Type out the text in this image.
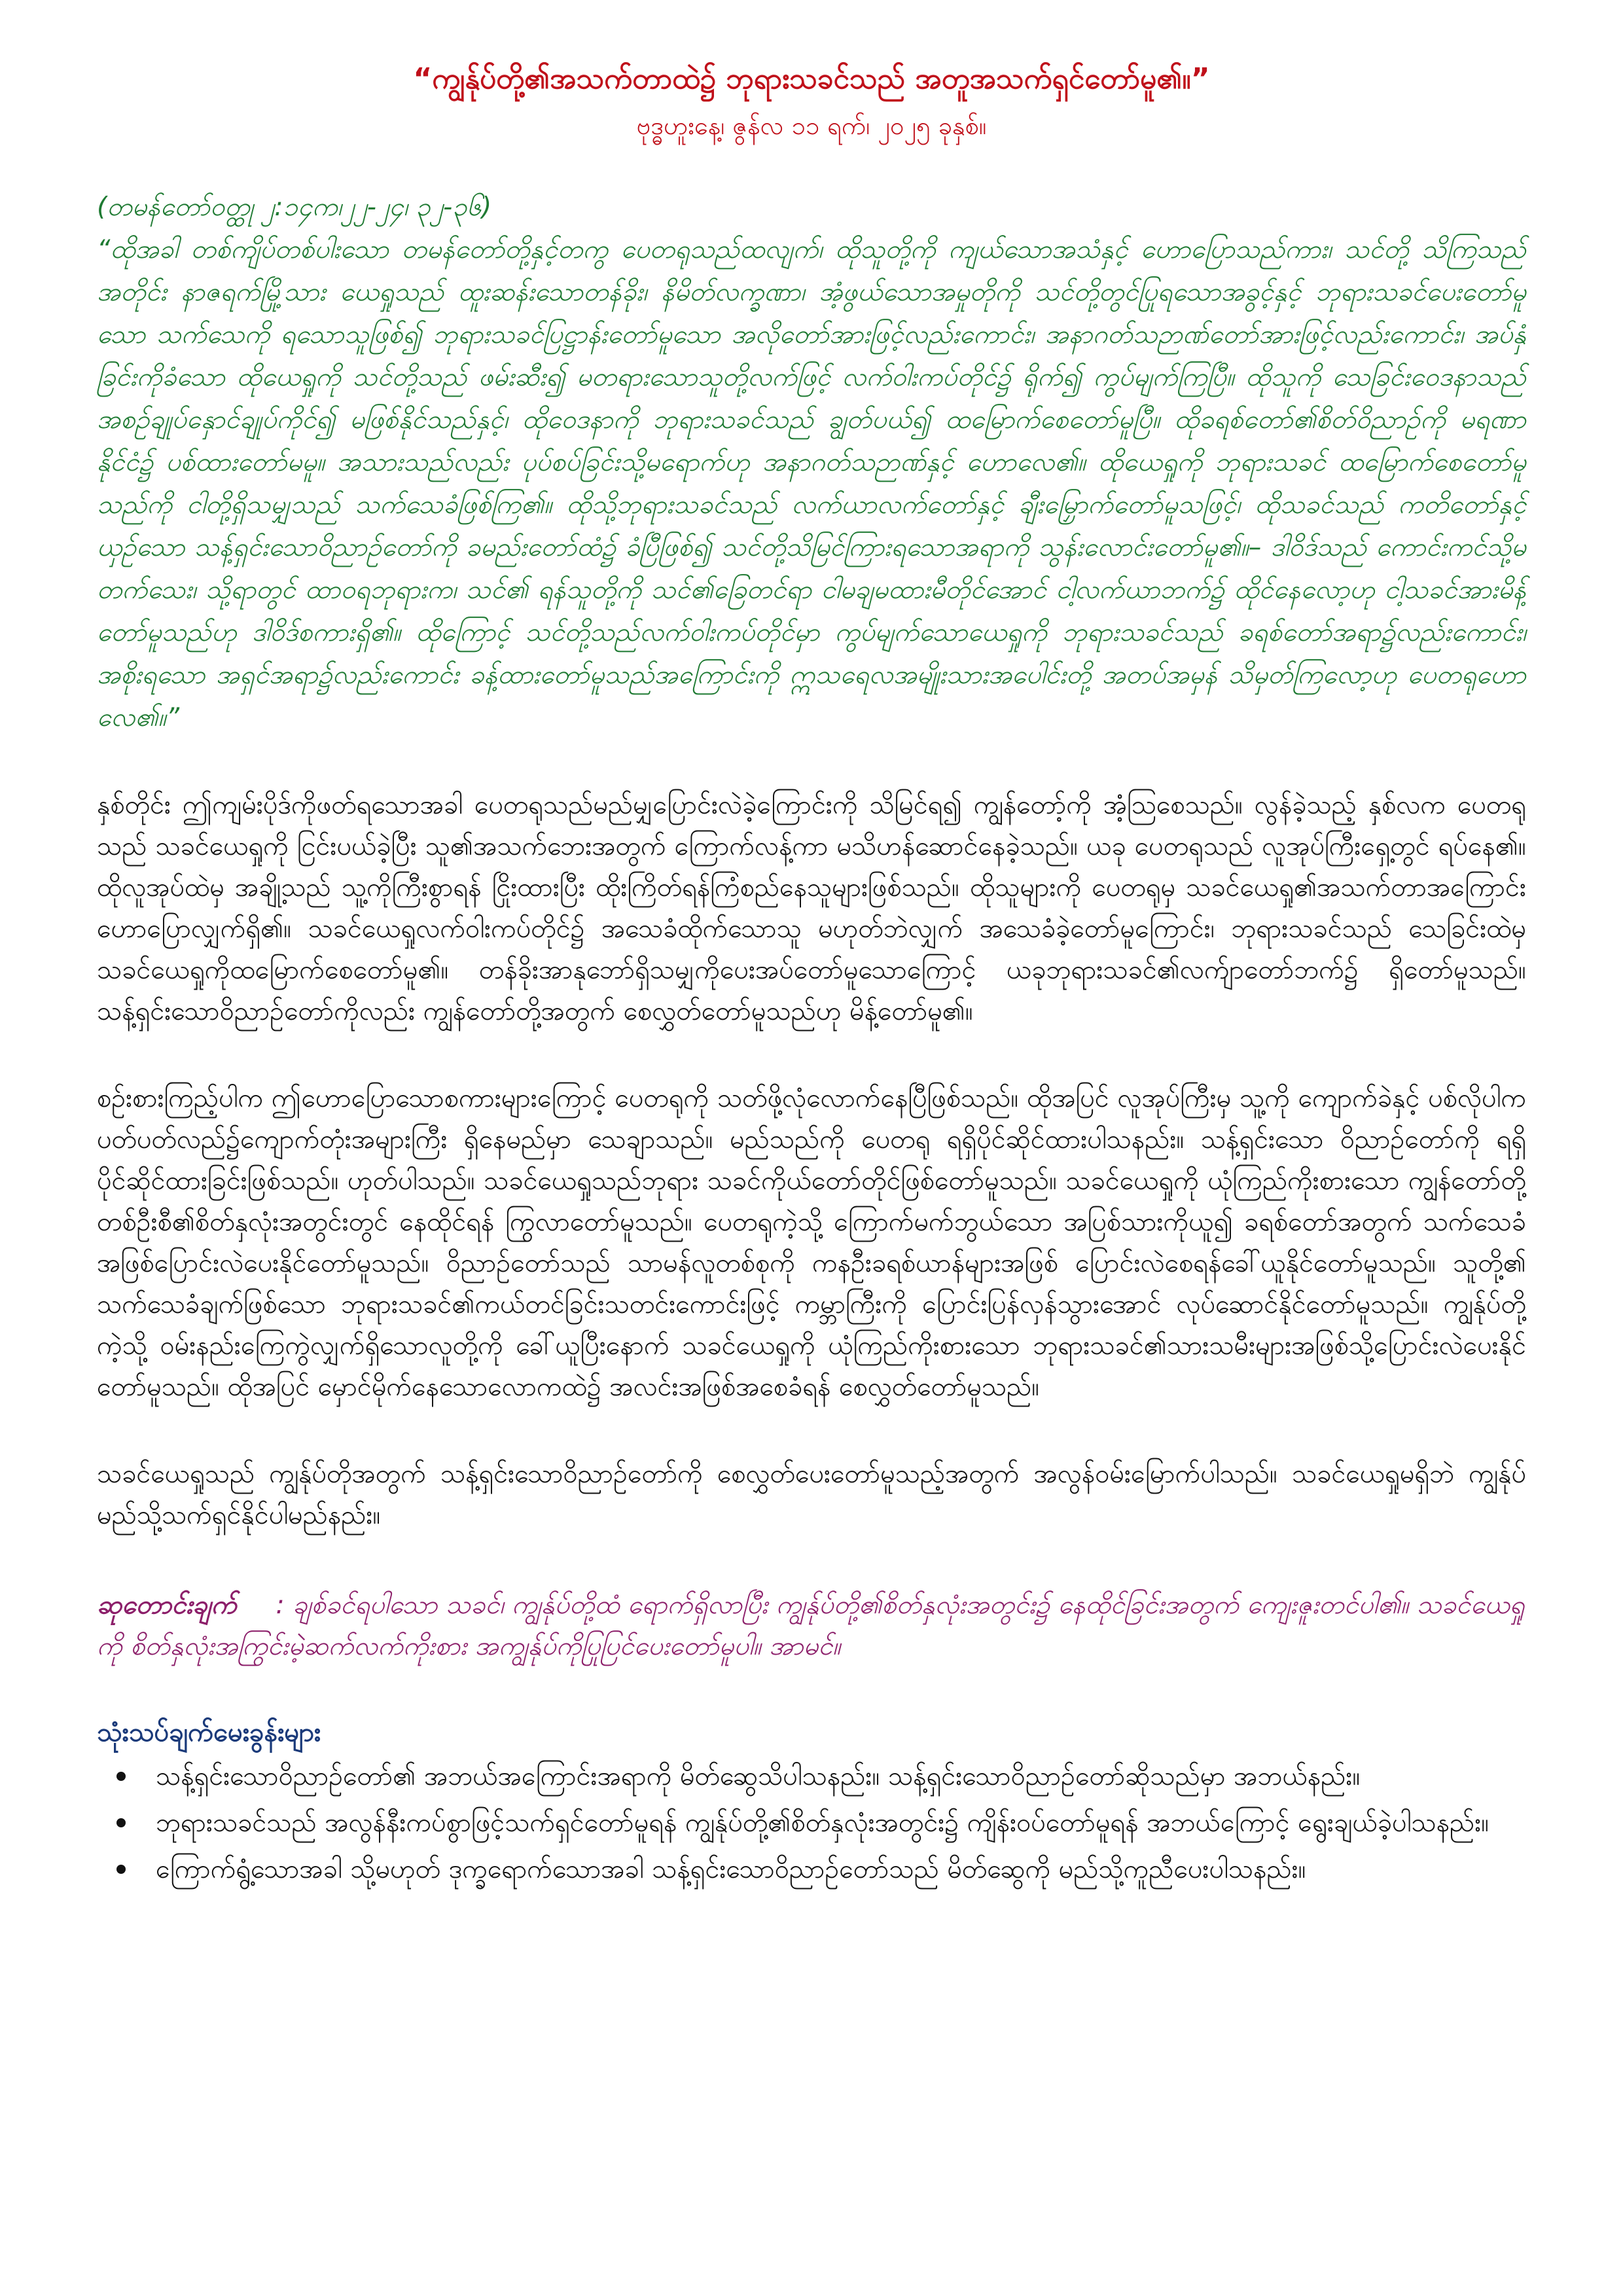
“ကျွန်ုပ်တို့၏အသက်တာထဲ၌ ဘုရားသခင်သည် အတူအသက်ရှင်တော်မူ၏။”

ဗုဒ္ဓဟူးနေ့၊ ဇွန်လ ၁၁ ရက်၊ ၂၀၂၅ ခုနှစ်။

(တမန်တော်ဝတ္ထု ၂:၁၄က၊၂၂-၂၄၊ ၃၂-၃၆)

“ထိုအခါ တစ်ကျိပ်တစ်ပါးသော တမန်တော်တို့နှင့်တကွ ပေတရုသည်ထလျက်၊ ထိုသူတို့ကို ကျယ်သောအသံနှင့် ဟောပြောသည်ကား၊ သင်တို့ သိကြသည်အတိုင်း နာဇရက်မြို့သား ယေရှုသည် ထူးဆန်းသောတန်ခိုး၊ နိမိတ်လက္ခဏာ၊ အံ့ဖွယ်သောအမှုတိုကို သင်တို့တွင်ပြုရသောအခွင့်နှင့် ဘုရားသခင်ပေးတော်မူသော သက်သေကို ရသောသူဖြစ်၍ ဘုရားသခင်ပြဋ္ဌာန်းတော်မူသော အလိုတော်အားဖြင့်လည်းကောင်း၊ အနာဂတ်သဉာဏ်တော်အားဖြင့်လည်းကောင်း၊ အပ်နှံခြင်းကိုခံသော ထိုယေရှုကို သင်တို့သည် ဖမ်းဆီး၍ မတရားသောသူတို့လက်ဖြင့် လက်ဝါးကပ်တိုင်၌ ရိုက်၍ ကွပ်မျက်ကြပြီ။ ထိုသူကို သေခြင်းဝေဒနာသည် အစဉ်ချုပ်နှောင်ချုပ်ကိုင်၍ မဖြစ်နိုင်သည်နှင့်၊ ထိုဝေဒနာကို ဘုရားသခင်သည် ချွတ်ပယ်၍ ထမြောက်စေတော်မူပြီ။ ထိုခရစ်တော်၏စိတ်ဝိညာဉ်ကို မရဏာနိုင်ငံ၌ ပစ်ထားတော်မမူ။ အသားသည်လည်း ပုပ်စပ်ခြင်းသို့မရောက်ဟု အနာဂတ်သဉာဏ်နှင့် ဟောလေ၏။ ထိုယေရှုကို ဘုရားသခင် ထမြောက်စေတော်မူသည်ကို ငါတို့ရှိသမျှသည် သက်သေခံဖြစ်ကြ၏။ ထိုသို့ဘုရားသခင်သည် လက်ယာလက်တော်နှင့် ချီးမြှောက်တော်မူသဖြင့်၊ ထိုသခင်သည် ကတိတော်နှင့် ယှဉ်သော သန့်ရှင်းသောဝိညာဉ်တော်ကို ခမည်းတော်ထံ၌ ခံပြီဖြစ်၍ သင်တို့သိမြင်ကြားရသောအရာကို သွန်းလောင်းတော်မူ၏။– ဒါဝိဒ်သည် ကောင်းကင်သို့မတက်သေး၊ သို့ရာတွင် ထာဝရဘုရားက၊ သင်၏ ရန်သူတို့ကို သင်၏ခြေတင်ရာ ငါမချမထားမီတိုင်အောင် ငါ့လက်ယာဘက်၌ ထိုင်နေလော့ဟု ငါ့သခင်အားမိန့်တော်မူသည်ဟု ဒါဝိဒ်စကားရှိ၏။ ထိုကြောင့် သင်တို့သည်လက်ဝါးကပ်တိုင်မှာ ကွပ်မျက်သောယေရှုကို ဘုရားသခင်သည် ခရစ်တော်အရာ၌လည်းကောင်း၊ အစိုးရသော အရှင်အရာ၌လည်းကောင်း ခန့်ထားတော်မူသည်အကြောင်းကို ဣသရေလအမျိုးသားအပေါင်းတို့ အတပ်အမှန် သိမှတ်ကြလော့ဟု ပေတရုဟောလေ၏။”

နှစ်တိုင်း ဤကျမ်းပိုဒ်ကိုဖတ်ရသောအခါ ပေတရုသည်မည်မျှပြောင်းလဲခဲ့ကြောင်းကို သိမြင်ရ၍ ကျွန်တော့်ကို အံ့ဩစေသည်။ လွန်ခဲ့သည့် နှစ်လက ပေတရုသည် သခင်ယေရှုကို ငြင်းပယ်ခဲ့ပြီး သူ၏အသက်ဘေးအတွက် ကြောက်လန့်ကာ မသိဟန်ဆောင်နေခဲ့သည်။ ယခု ပေတရုသည် လူအုပ်ကြီးရှေ့တွင် ရပ်နေ၏။ ထိုလူအုပ်ထဲမှ အချို့သည် သူ့ကိုကြီးစွာရန် ငြိုးထားပြီး ထိုးကြိတ်ရန်ကြံစည်နေသူများဖြစ်သည်။ ထိုသူများကို ပေတရုမှ သခင်ယေရှု၏အသက်တာအကြောင်း ဟောပြောလျှက်ရှိ၏။ သခင်ယေရှုလက်ဝါးကပ်တိုင်၌ အသေခံထိုက်သောသူ မဟုတ်ဘဲလျှက် အသေခံခဲ့တော်မူကြောင်း၊ ဘုရားသခင်သည် သေခြင်းထဲမှ သခင်ယေရှုကိုထမြောက်စေတော်မူ၏။ တန်ခိုးအာနုဘော်ရှိသမျှကိုပေးအပ်တော်မူသောကြောင့် ယခုဘုရားသခင်၏လက်ျာတော်ဘက်၌ ရှိတော်မူသည်။ သန့်ရှင်းသောဝိညာဉ်တော်ကိုလည်း ကျွန်တော်တို့အတွက် စေလွှတ်တော်မူသည်ဟု မိန့်တော်မူ၏။

စဉ်းစားကြည့်ပါက ဤဟောပြောသောစကားများကြောင့် ပေတရုကို သတ်ဖို့လုံလောက်နေပြီဖြစ်သည်။ ထိုအပြင် လူအုပ်ကြီးမှ သူ့ကို ကျောက်ခဲနှင့် ပစ်လိုပါက ပတ်ပတ်လည်၌ကျောက်တုံးအများကြီး ရှိနေမည်မှာ သေချာသည်။ မည်သည်ကို ပေတရု ရရှိပိုင်ဆိုင်ထားပါသနည်း။ သန့်ရှင်းသော ဝိညာဉ်တော်ကို ရရှိပိုင်ဆိုင်ထားခြင်းဖြစ်သည်။ ဟုတ်ပါသည်။ သခင်ယေရှုသည်ဘုရား သခင်ကိုယ်တော်တိုင်ဖြစ်တော်မူသည်။ သခင်ယေရှုကို ယုံကြည်ကိုးစားသော ကျွန်တော်တို့တစ်ဦးစီ၏စိတ်နှလုံးအတွင်းတွင် နေထိုင်ရန် ကြွလာတော်မူသည်။ ပေတရုကဲ့သို့ ကြောက်မက်ဘွယ်သော အပြစ်သားကိုယူ၍ ခရစ်တော်အတွက် သက်သေခံအဖြစ်ပြောင်းလဲပေးနိုင်တော်မူသည်။ ဝိညာဉ်တော်သည် သာမန်လူတစ်စုကို ကနဦးခရစ်ယာန်များအဖြစ် ပြောင်းလဲစေရန်ခေါ်ယူနိုင်တော်မူသည်။ သူတို့၏ သက်သေခံချက်ဖြစ်သော ဘုရားသခင်၏ကယ်တင်ခြင်းသတင်းကောင်းဖြင့် ကမ္ဘာကြီးကို ပြောင်းပြန်လှန်သွားအောင် လုပ်ဆောင်နိုင်တော်မူသည်။ ကျွန်ုပ်တို့ကဲ့သို့ ဝမ်းနည်းကြေကွဲလျှက်ရှိသောလူတို့ကို ခေါ်ယူပြီးနောက် သခင်ယေရှုကို ယုံကြည်ကိုးစားသော ဘုရားသခင်၏သားသမီးများအဖြစ်သို့ပြောင်းလဲပေးနိုင်တော်မူသည်။ ထိုအပြင် မှောင်မိုက်နေသောလောကထဲ၌ အလင်းအဖြစ်အစေခံရန် စေလွှတ်တော်မူသည်။

သခင်ယေရှုသည် ကျွန်ုပ်တိုအတွက် သန့်ရှင်းသောဝိညာဉ်တော်ကို စေလွှတ်ပေးတော်မူသည့်အတွက် အလွန်ဝမ်းမြောက်ပါသည်။ သခင်ယေရှုမရှိဘဲ ကျွန်ုပ်မည်သို့သက်ရှင်နိုင်ပါမည်နည်း။

ဆုတောင်းချက် : ချစ်ခင်ရပါသော သခင်၊ ကျွန်ုပ်တို့ထံ ရောက်ရှိလာပြီး ကျွန်ုပ်တို့၏စိတ်နှလုံးအတွင်း၌ နေထိုင်ခြင်းအတွက် ကျေးဇူးတင်ပါ၏။ သခင်ယေရှုကို စိတ်နှလုံးအကြွင်းမဲ့ဆက်လက်ကိုးစား အကျွန်ုပ်ကိုပြုပြင်ပေးတော်မူပါ။ အာမင်။
သုံးသပ်ချက်မေးခွန်းများ
သန့်ရှင်းသောဝိညာဉ်တော်၏ အဘယ်အကြောင်းအရာကို မိတ်ဆွေသိပါသနည်း။ သန့်ရှင်းသောဝိညာဉ်တော်ဆိုသည်မှာ အဘယ်နည်း။
ဘုရားသခင်သည် အလွန်နီးကပ်စွာဖြင့်သက်ရှင်တော်မူရန် ကျွန်ုပ်တို့၏စိတ်နှလုံးအတွင်း၌ ကျိန်းဝပ်တော်မူရန် အဘယ်ကြောင့် ရွေးချယ်ခဲ့ပါသနည်း။
ကြောက်ရွံ့သောအခါ သို့မဟုတ် ဒုက္ခရောက်သောအခါ သန့်ရှင်းသောဝိညာဉ်တော်သည် မိတ်ဆွေကို မည်သို့ကူညီပေးပါသနည်း။
